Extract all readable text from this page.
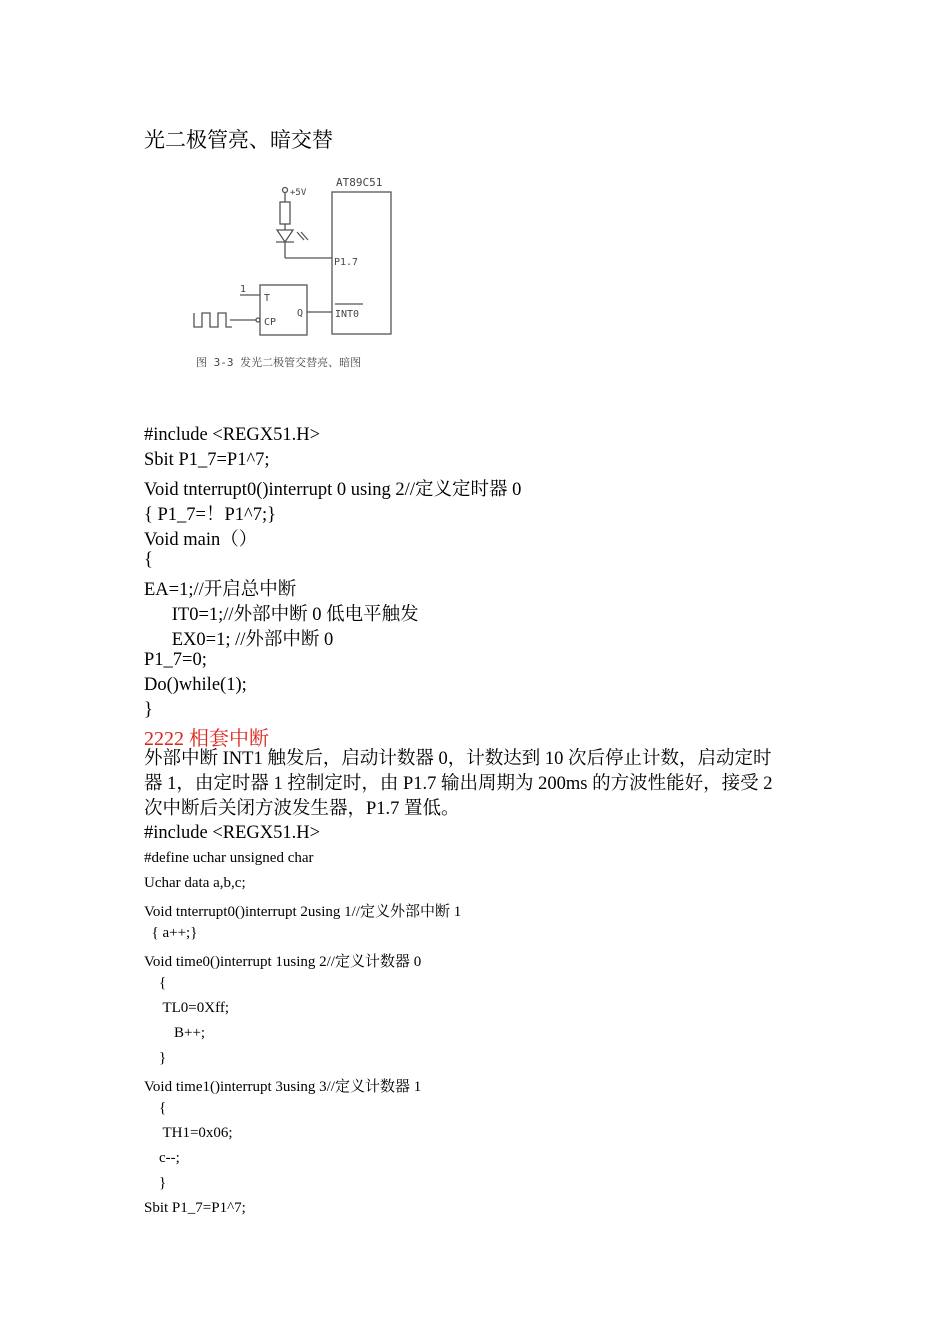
光二极管亮、暗交替
AT89C51
+5V
P1.7
INT0
T
CP
Q
1
图 3-3 发光二极管交替亮、暗图
#include <REGX51.H>
Sbit P1_7=P1^7;
Void tnterrupt0()interrupt 0 using 2//定义定时器 0
{ P1_7=！P1^7;}
Void main（）
{
EA=1;//开启总中断
IT0=1;//外部中断 0 低电平触发
EX0=1; //外部中断 0
P1_7=0;
Do()while(1);
}
2222 相套中断
外部中断 INT1 触发后，启动计数器 0，计数达到 10 次后停止计数，启动定时
器 1，由定时器 1 控制定时，由 P1.7 输出周期为 200ms 的方波性能好，接受 2
次中断后关闭方波发生器，P1.7 置低。
#include <REGX51.H>
#define uchar unsigned char
Uchar data a,b,c;
Void tnterrupt0()interrupt 2using 1//定义外部中断 1
{ a++;}
Void time0()interrupt 1using 2//定义计数器 0
{
TL0=0Xff;
B++;
}
Void time1()interrupt 3using 3//定义计数器 1
{
TH1=0x06;
c--;
}
Sbit P1_7=P1^7;
